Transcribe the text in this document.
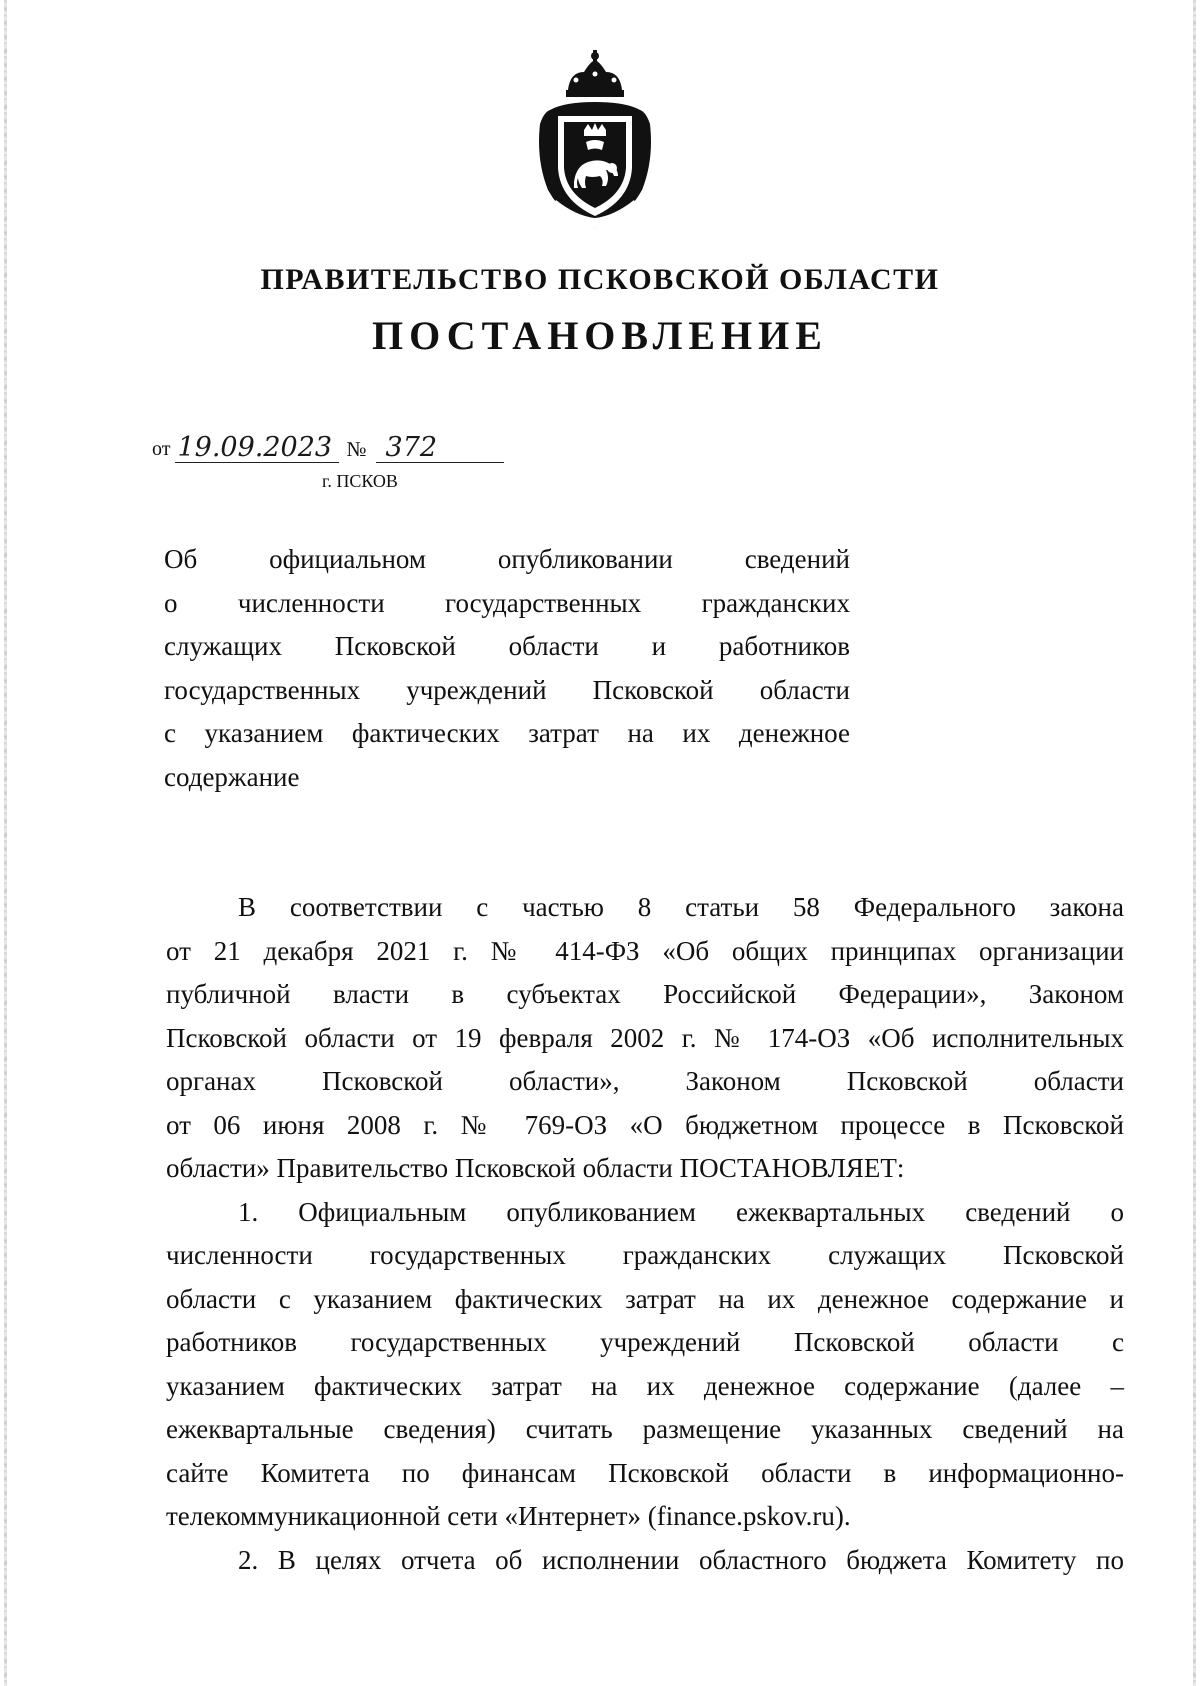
ПРАВИТЕЛЬСТВО ПСКОВСКОЙ ОБЛАСТИ
ПОСТАНОВЛЕНИЕ
от 19.09.2023 № 372
г. ПСКОВ
Об официальном опубликовании сведений
о численности государственных гражданских
служащих Псковской области и работников
государственных учреждений Псковской области
с указанием фактических затрат на их денежное
содержание
В соответствии с частью 8 статьи 58 Федерального закона
от 21 декабря 2021 г. № 414-ФЗ «Об общих принципах организации
публичной власти в субъектах Российской Федерации», Законом
Псковской области от 19 февраля 2002 г. № 174-ОЗ «Об исполнительных
органах Псковской области», Законом Псковской области
от 06 июня 2008 г. № 769-ОЗ «О бюджетном процессе в Псковской
области» Правительство Псковской области ПОСТАНОВЛЯЕТ:
1. Официальным опубликованием ежеквартальных сведений о
численности государственных гражданских служащих Псковской
области с указанием фактических затрат на их денежное содержание и
работников государственных учреждений Псковской области с
указанием фактических затрат на их денежное содержание (далее –
ежеквартальные сведения) считать размещение указанных сведений на
сайте Комитета по финансам Псковской области в информационно-
телекоммуникационной сети «Интернет» (finance.pskov.ru).
2. В целях отчета об исполнении областного бюджета Комитету по
